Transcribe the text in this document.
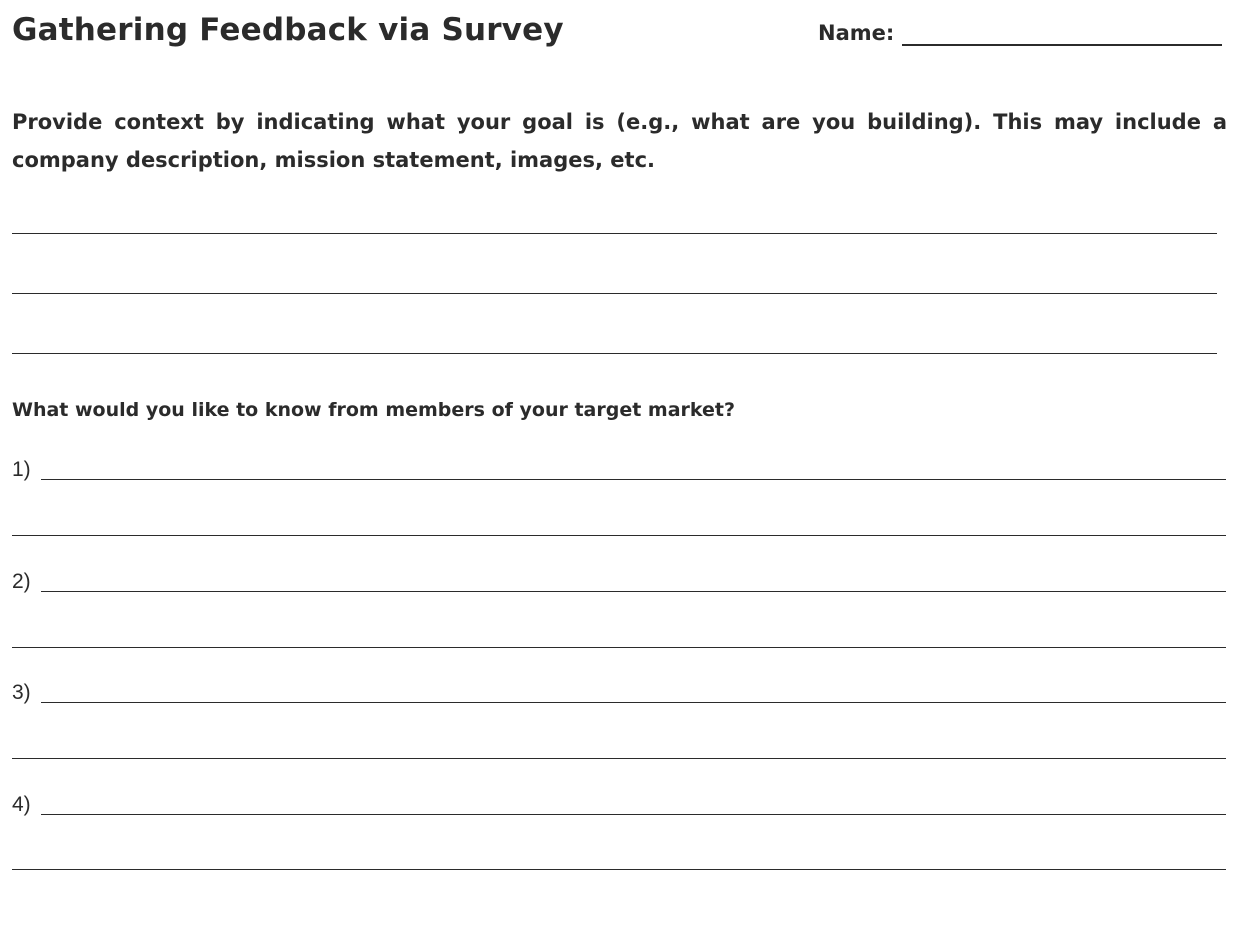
Gathering Feedback via Survey	Name:

Provide context by indicating what your goal is (e.g., what are you building). This may include a company description, mission statement, images, etc.

What would you like to know from members of your target market?
1)
2)
3)
4)
